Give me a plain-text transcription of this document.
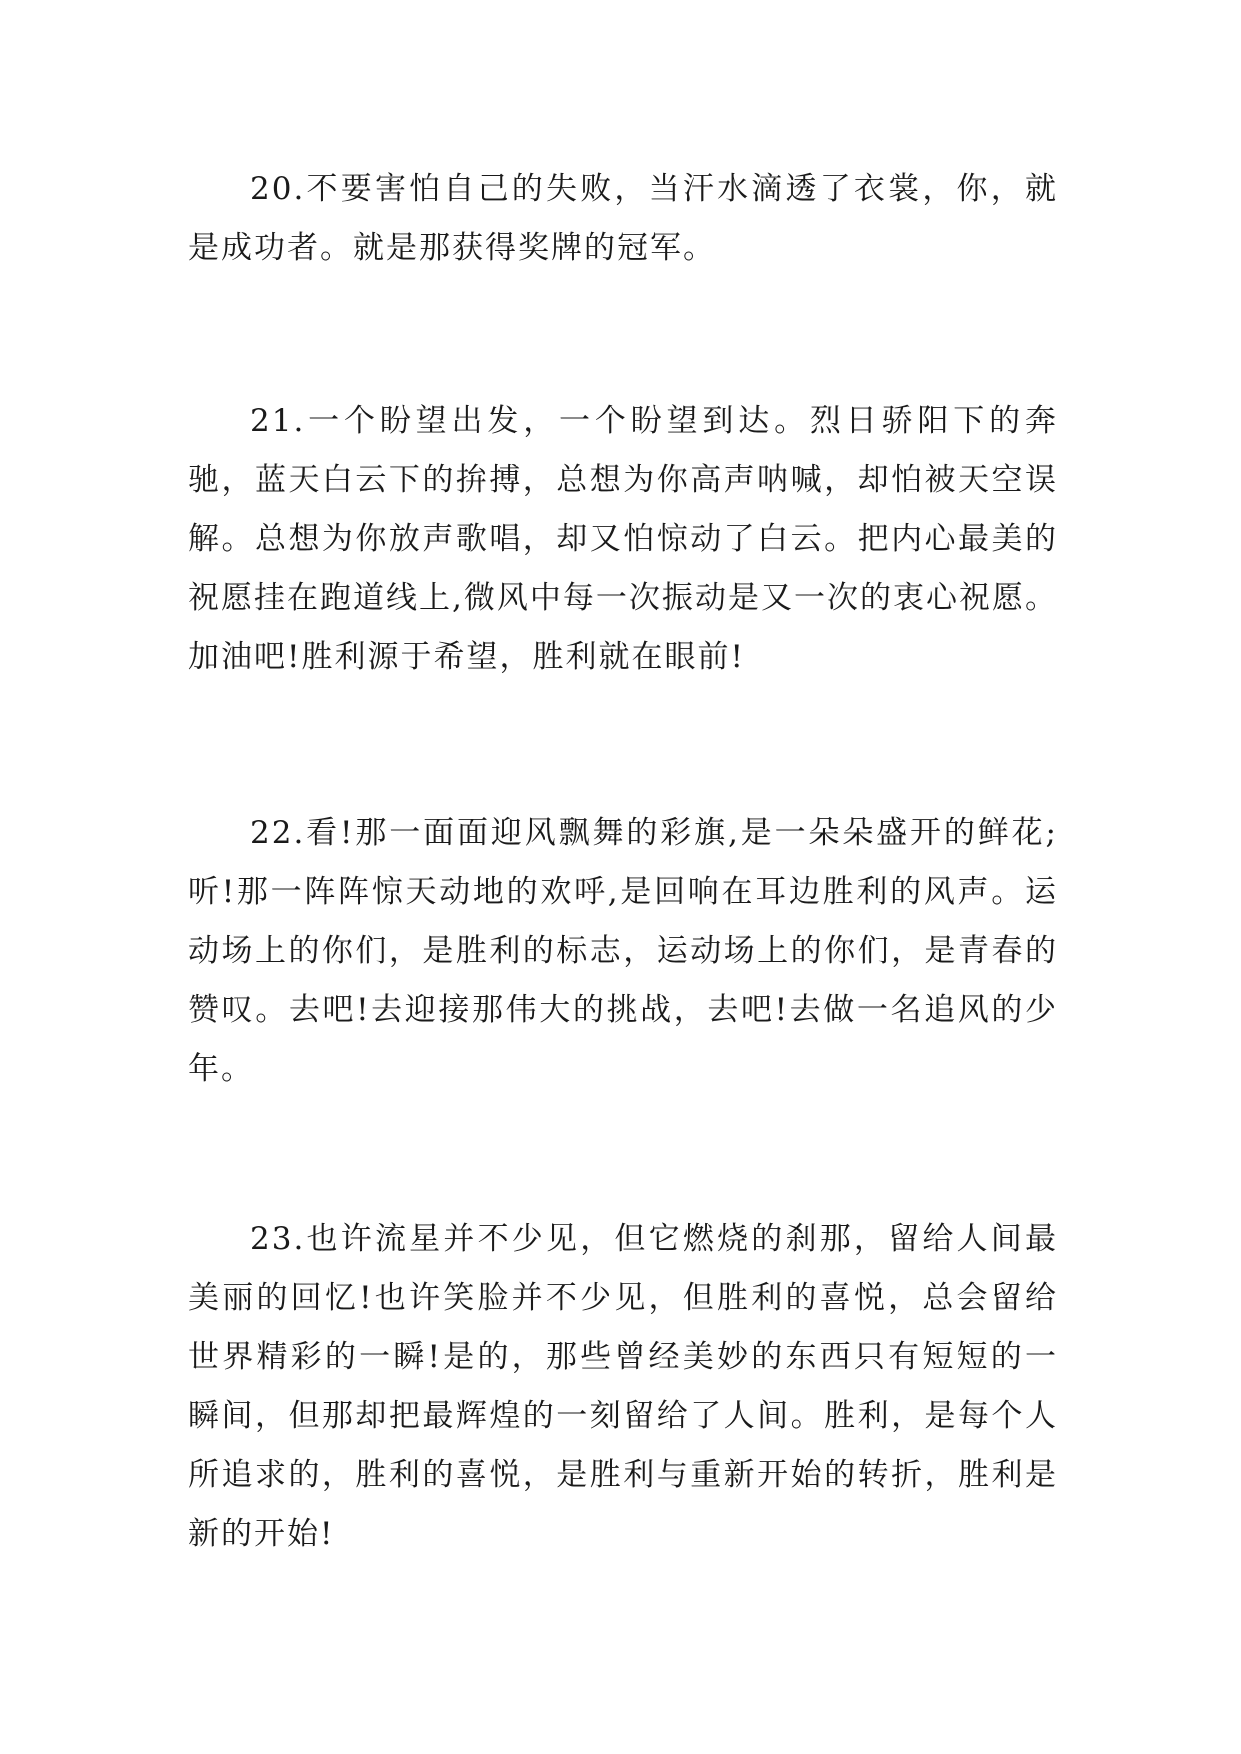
20.不要害怕自己的失败，当汗水滴透了衣裳，你，就是成功者。就是那获得奖牌的冠军。

21.一个盼望出发，一个盼望到达。烈日骄阳下的奔驰，蓝天白云下的拚搏，总想为你高声呐喊，却怕被天空误解。总想为你放声歌唱，却又怕惊动了白云。把内心最美的祝愿挂在跑道线上,微风中每一次振动是又一次的衷心祝愿。加油吧!胜利源于希望，胜利就在眼前!

22.看!那一面面迎风飘舞的彩旗,是一朵朵盛开的鲜花;听!那一阵阵惊天动地的欢呼,是回响在耳边胜利的风声。运动场上的你们，是胜利的标志，运动场上的你们，是青春的赞叹。去吧!去迎接那伟大的挑战，去吧!去做一名追风的少年。

23.也许流星并不少见，但它燃烧的刹那，留给人间最美丽的回忆!也许笑脸并不少见，但胜利的喜悦，总会留给世界精彩的一瞬!是的，那些曾经美妙的东西只有短短的一瞬间，但那却把最辉煌的一刻留给了人间。胜利，是每个人所追求的，胜利的喜悦，是胜利与重新开始的转折，胜利是新的开始!
